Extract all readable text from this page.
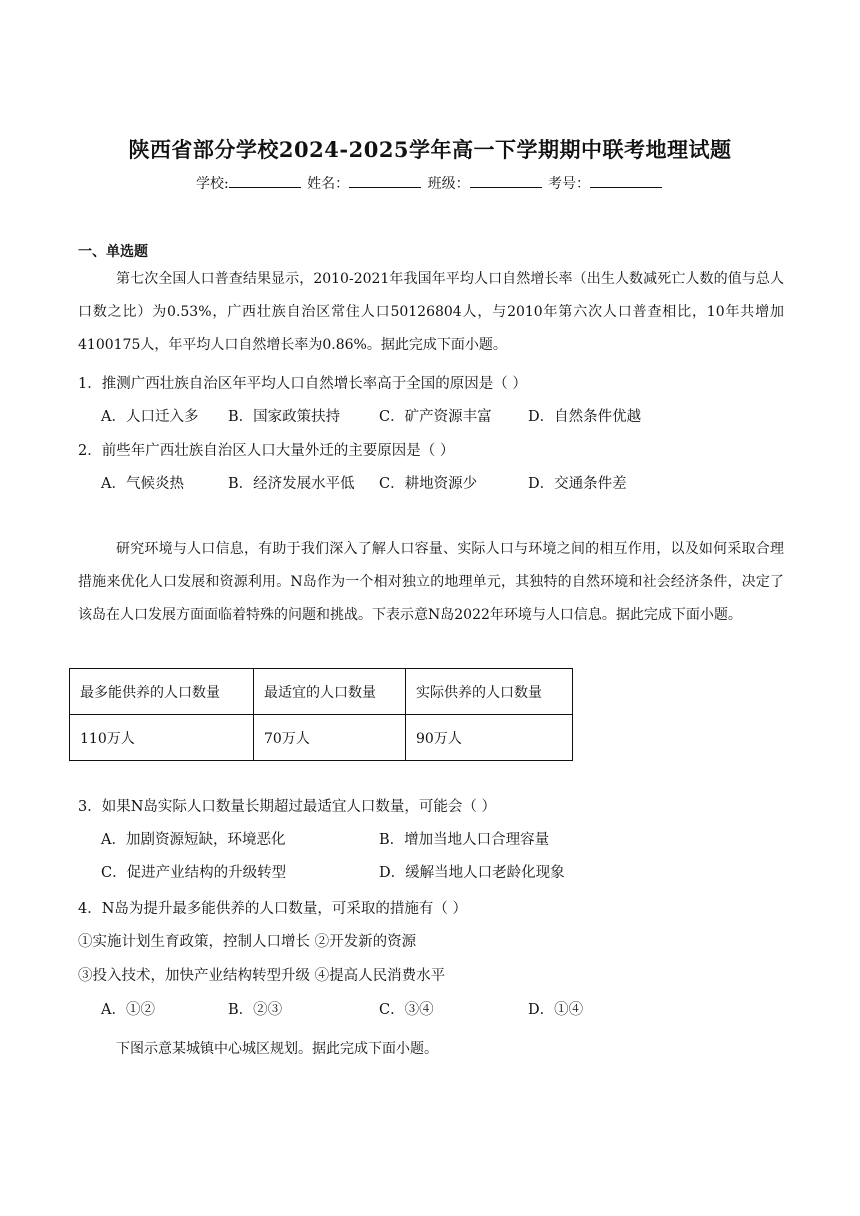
陕西省部分学校2024-2025学年高一下学期期中联考地理试题
学校:	姓名：	班级：	考号：
一、单选题
第七次全国人口普查结果显示，2010-2021年我国年平均人口自然增长率（出生人数减死亡人数的值与总人口数之比）为0.53%，广西壮族自治区常住人口50126804人，与2010年第六次人口普查相比，10年共增加4100175人，年平均人口自然增长率为0.86%。据此完成下面小题。
1．推测广西壮族自治区年平均人口自然增长率高于全国的原因是（ ）
A．人口迁入多 B．国家政策扶持	C．矿产资源丰富	D．自然条件优越
2．前些年广西壮族自治区人口大量外迁的主要原因是（ ）
A．气候炎热	B．经济发展水平低 C．耕地资源少	D．交通条件差
研究环境与人口信息，有助于我们深入了解人口容量、实际人口与环境之间的相互作用，以及如何采取合理措施来优化人口发展和资源利用。N岛作为一个相对独立的地理单元，其独特的自然环境和社会经济条件，决定了该岛在人口发展方面面临着特殊的问题和挑战。下表示意N岛2022年环境与人口信息。据此完成下面小题。
最多能供养的人口数量	最适宜的人口数量	实际供养的人口数量
110万人	70万人	90万人
3．如果N岛实际人口数量长期超过最适宜人口数量，可能会（ ）
A．加剧资源短缺，环境恶化	B．增加当地人口合理容量
C．促进产业结构的升级转型	D．缓解当地人口老龄化现象
4．N岛为提升最多能供养的人口数量，可采取的措施有（ ）
①实施计划生育政策，控制人口增长 ②开发新的资源
③投入技术，加快产业结构转型升级 ④提高人民消费水平
A．①②	B．②③	C．③④	D．①④
下图示意某城镇中心城区规划。据此完成下面小题。
